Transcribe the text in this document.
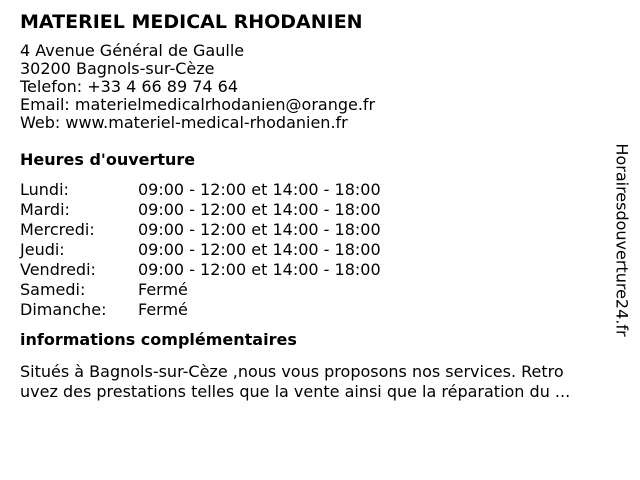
MATERIEL MEDICAL RHODANIEN
4 Avenue Général de Gaulle
30200 Bagnols-sur-Cèze
Telefon: +33 4 66 89 74 64
Email: materielmedicalrhodanien@orange.fr
Web: www.materiel-medical-rhodanien.fr
Heures d'ouverture
Lundi:	09:00 - 12:00 et 14:00 - 18:00
Mardi:	09:00 - 12:00 et 14:00 - 18:00
Mercredi:	09:00 - 12:00 et 14:00 - 18:00
Jeudi:	09:00 - 12:00 et 14:00 - 18:00
Vendredi:	09:00 - 12:00 et 14:00 - 18:00
Samedi:	Fermé
Dimanche:	Fermé
informations complémentaires
Situés à Bagnols-sur-Cèze ,nous vous proposons nos services. Retro
uvez des prestations telles que la vente ainsi que la réparation du ...
Horairesdouverture24.fr
